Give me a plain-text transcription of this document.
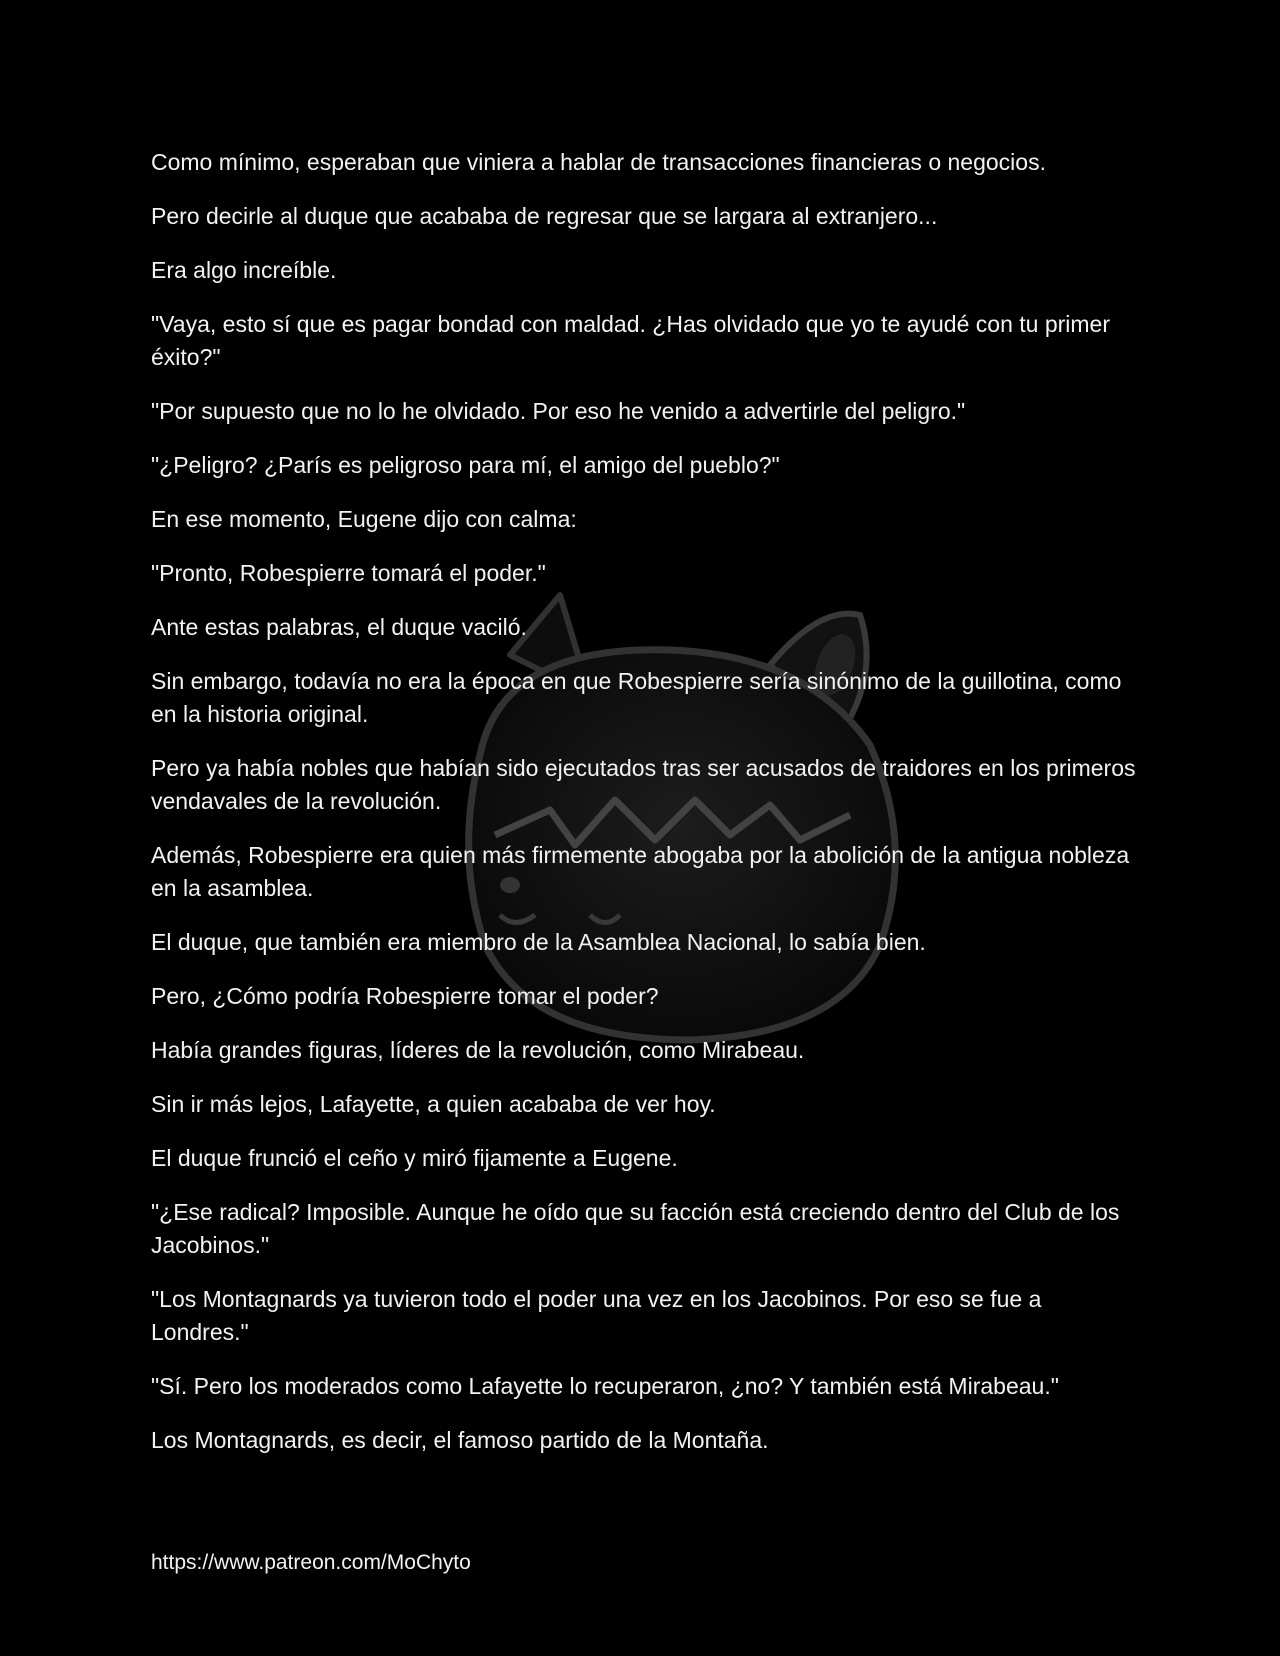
Como mínimo, esperaban que viniera a hablar de transacciones financieras o negocios.

Pero decirle al duque que acababa de regresar que se largara al extranjero...

Era algo increíble.

"Vaya, esto sí que es pagar bondad con maldad. ¿Has olvidado que yo te ayudé con tu primer éxito?"

"Por supuesto que no lo he olvidado. Por eso he venido a advertirle del peligro."

"¿Peligro? ¿París es peligroso para mí, el amigo del pueblo?"

En ese momento, Eugene dijo con calma:

"Pronto, Robespierre tomará el poder."

Ante estas palabras, el duque vaciló.

Sin embargo, todavía no era la época en que Robespierre sería sinónimo de la guillotina, como en la historia original.

Pero ya había nobles que habían sido ejecutados tras ser acusados de traidores en los primeros vendavales de la revolución.

Además, Robespierre era quien más firmemente abogaba por la abolición de la antigua nobleza en la asamblea.

El duque, que también era miembro de la Asamblea Nacional, lo sabía bien.

Pero, ¿Cómo podría Robespierre tomar el poder?

Había grandes figuras, líderes de la revolución, como Mirabeau.

Sin ir más lejos, Lafayette, a quien acababa de ver hoy.

El duque frunció el ceño y miró fijamente a Eugene.

"¿Ese radical? Imposible. Aunque he oído que su facción está creciendo dentro del Club de los Jacobinos."

"Los Montagnards ya tuvieron todo el poder una vez en los Jacobinos. Por eso se fue a Londres."

"Sí. Pero los moderados como Lafayette lo recuperaron, ¿no? Y también está Mirabeau."

Los Montagnards, es decir, el famoso partido de la Montaña.

https://www.patreon.com/MoChyto
